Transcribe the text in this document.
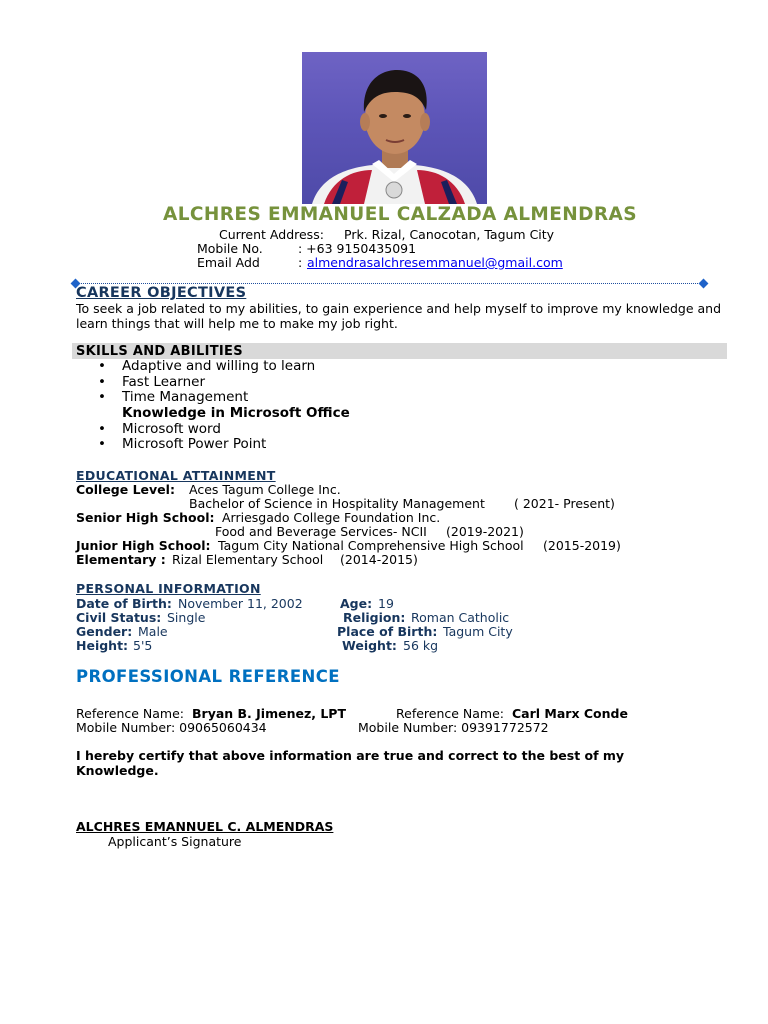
ALCHRES EMMANUEL CALZADA ALMENDRAS
Current Address: Prk. Rizal, Canocotan, Tagum City
Mobile No.	: +63 9150435091
Email Add	: almendrasalchresemmanuel@gmail.com
CAREER OBJECTIVES
To seek a job related to my abilities, to gain experience and help myself to improve my knowledge and learn things that will help me to make my job right.
SKILLS AND ABILITIES
• Adaptive and willing to learn
• Fast Learner
• Time Management
Knowledge in Microsoft Office
• Microsoft word
• Microsoft Power Point
EDUCATIONAL ATTAINMENT
College Level: Aces Tagum College Inc.
Bachelor of Science in Hospitality Management ( 2021- Present)
Senior High School: Arriesgado College Foundation Inc.
Food and Beverage Services- NCII (2019-2021)
Junior High School: Tagum City National Comprehensive High School (2015-2019)
Elementary : Rizal Elementary School (2014-2015)
PERSONAL INFORMATION
Date of Birth: November 11, 2002	Age: 19
Civil Status: Single	Religion: Roman Catholic
Gender: Male	Place of Birth: Tagum City
Height: 5'5	Weight: 56 kg
PROFESSIONAL REFERENCE
Reference Name: Bryan B. Jimenez, LPT
Mobile Number: 09065060434
Reference Name: Carl Marx Conde
Mobile Number: 09391772572
I hereby certify that above information are true and correct to the best of my Knowledge.
ALCHRES EMANNUEL C. ALMENDRAS
Applicant’s Signature
